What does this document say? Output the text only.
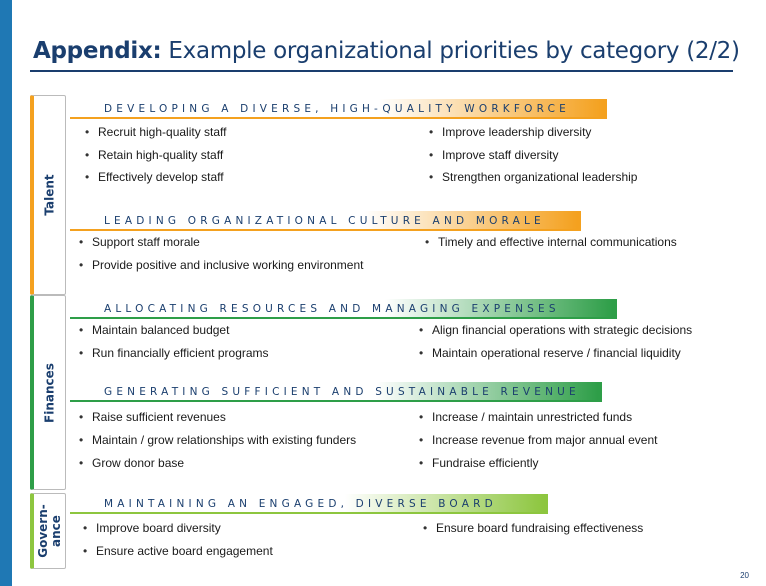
Appendix: Example organizational priorities by category (2/2)
Talent
Finances
Govern-
ance
DEVELOPING A DIVERSE, HIGH-QUALITY WORKFORCE
• Recruit high-quality staff
• Retain high-quality staff
• Effectively develop staff
• Improve leadership diversity
• Improve staff diversity
• Strengthen organizational leadership
LEADING ORGANIZATIONAL CULTURE AND MORALE
• Support staff morale
• Provide positive and inclusive working environment
• Timely and effective internal communications
ALLOCATING RESOURCES AND MANAGING EXPENSES
• Maintain balanced budget
• Run financially efficient programs
• Align financial operations with strategic decisions
• Maintain operational reserve / financial liquidity
GENERATING SUFFICIENT AND SUSTAINABLE REVENUE
• Raise sufficient revenues
• Maintain / grow relationships with existing funders
• Grow donor base
• Increase / maintain unrestricted funds
• Increase revenue from major annual event
• Fundraise efficiently
MAINTAINING AN ENGAGED, DIVERSE BOARD
• Improve board diversity
• Ensure active board engagement
• Ensure board fundraising effectiveness
20
